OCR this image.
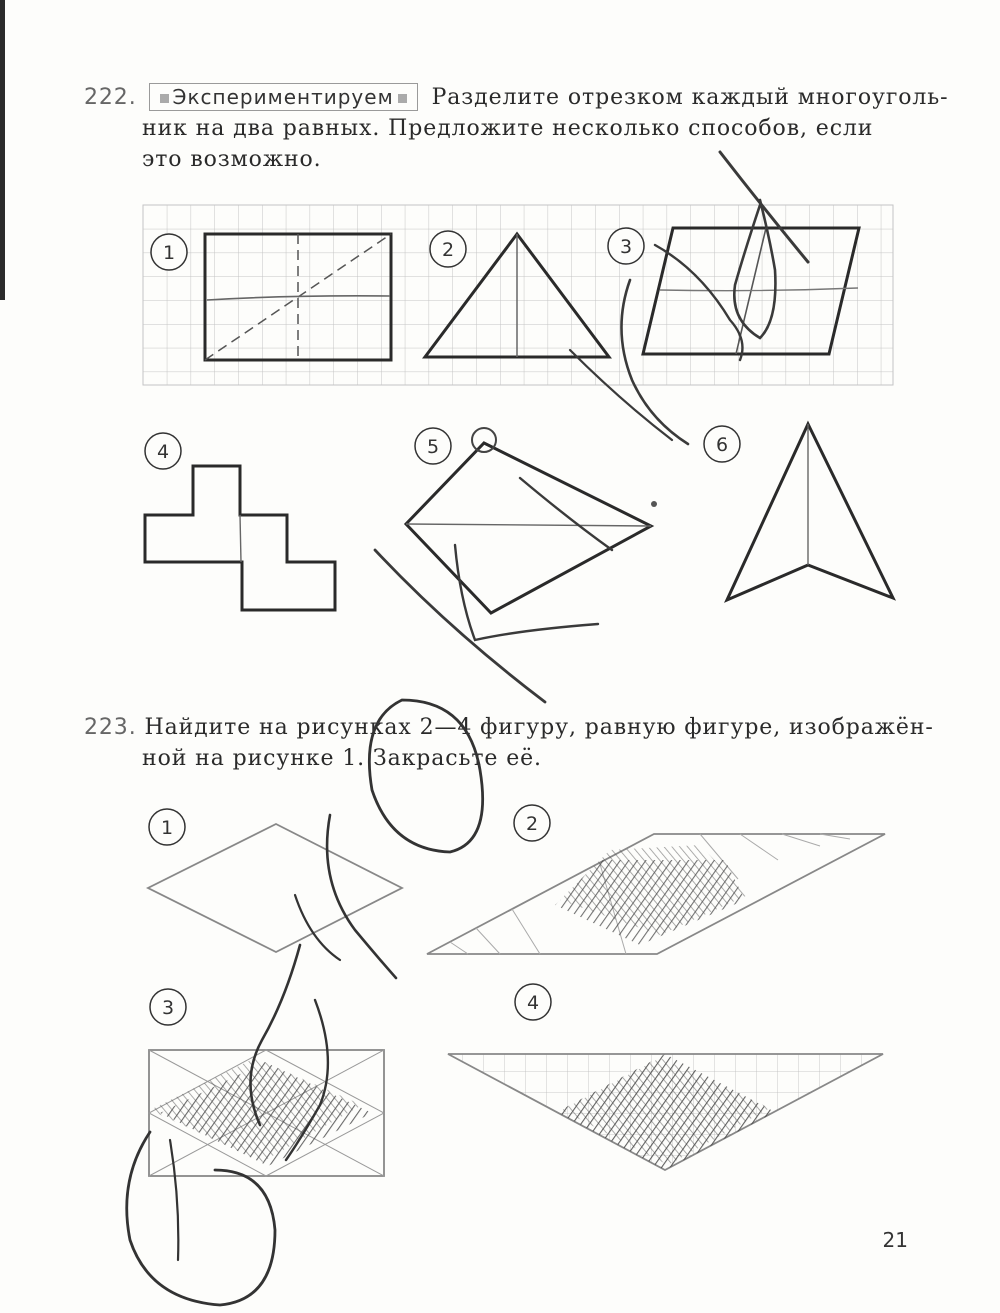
222. Экспериментируем Разделите отрезком каждый многоуголь-
ник на два равных. Предложите несколько способов, если это возможно.
223. Найдите на рисунках 2—4 фигуру, равную фигуре, изображён-
ной на рисунке 1. Закрасьте её.
1	2	3
4	5	6
1	2
3	4
21
